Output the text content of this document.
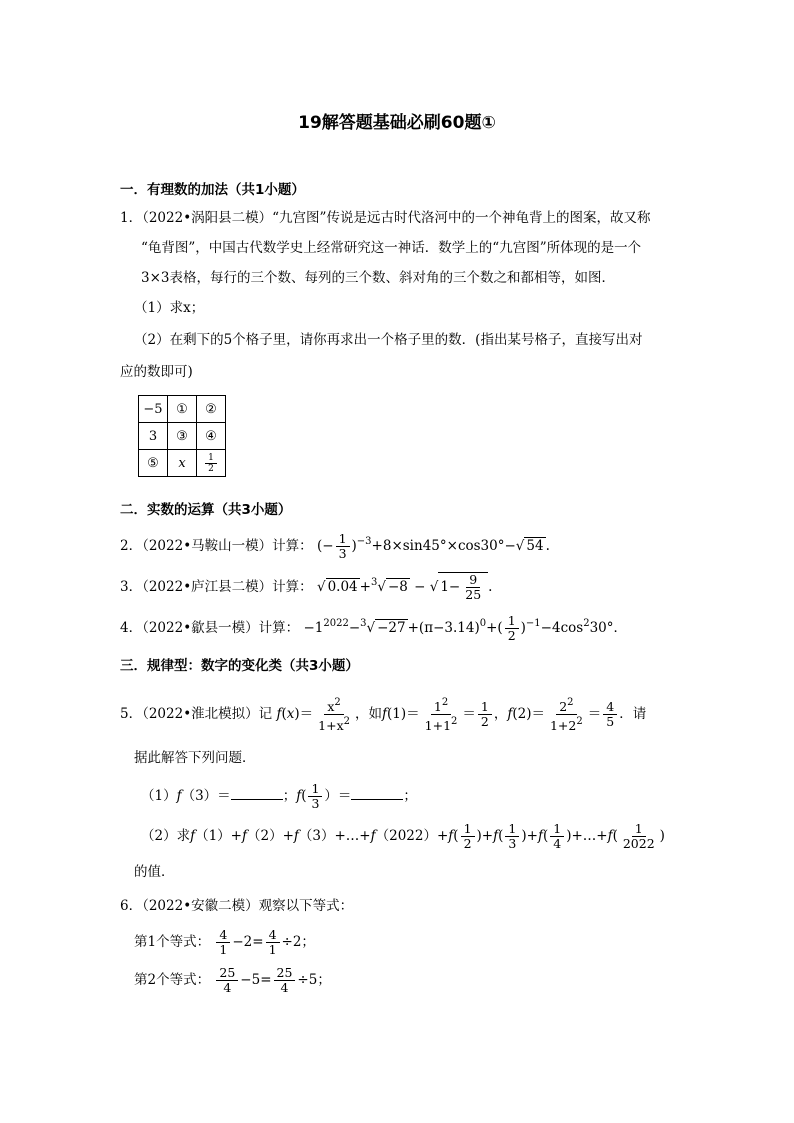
19解答题基础必刷60题①
一．有理数的加法（共1小题）
1．（2022•涡阳县二模）“九宫图”传说是远古时代洛河中的一个神龟背上的图案，故又称
“龟背图”，中国古代数学史上经常研究这一神话．数学上的“九宫图”所体现的是一个
3×3表格，每行的三个数、每列的三个数、斜对角的三个数之和都相等，如图．
（1）求x；
（2）在剩下的5个格子里，请你再求出一个格子里的数．(指出某号格子，直接写出对
应的数即可)
−5	①	②
3	③	④
⑤	x	$\frac{1}{2}$
二．实数的运算（共3小题）
2．（2022•马鞍山一模）计算： (− $\frac{1}{3} )^{-3}+8\times\sin 45^\circ\times\cos 30^\circ-√$ 54 .
3．（2022•庐江县二模）计算： √ 0.04 +$^3$√ −8 − √ $1- \frac{9}{25}$ .
4．（2022•歙县一模）计算： $-1^{2022}-^3√ -27 +(\pi-3.14)^0+( \frac{1}{2} )^{-1}-4\cos^230^\circ$．
三．规律型：数字的变化类（共3小题）
5．（2022•淮北模拟）记 $f(x)= \frac{x^2}{1+x^2}$ ，如$f(1)= \frac{1^2}{1+1^2} = \frac{1}{2}$ ，$f(2)= \frac{2^2}{1+2^2} = \frac{4}{5}$ ．请
据此解答下列问题．
（1）f（3）＝	；$f( \frac{1}{3}$ ）＝	；
（2）求f（1）+f（2）+f（3）+…+f（2022）+f( $\frac{1}{2} )+f( \frac{1}{3} )+f( \frac{1}{4}$ )+…+f( $\frac{1}{2022}$ )
的值．
6．（2022•安徽二模）观察以下等式：
第1个等式： $\frac{4}{1} -2= \frac{4}{1} \div 2$；
第2个等式： $\frac{25}{4} -5= \frac{25}{4} \div 5$；
